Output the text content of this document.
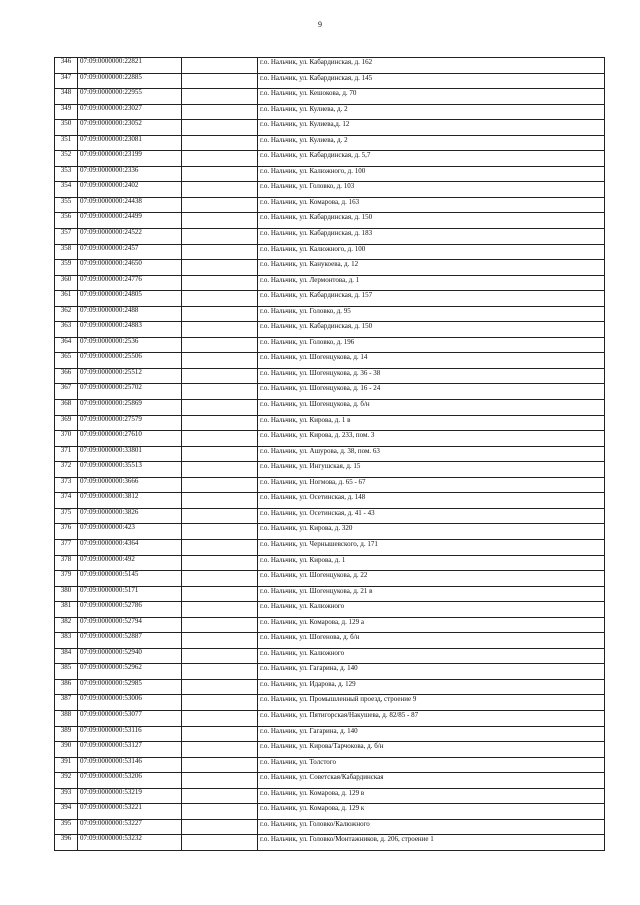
9
346	07:09:0000000:22821		г.о. Нальчик, ул. Кабардинская, д. 162

347	07:09:0000000:22885		г.о. Нальчик, ул. Кабардинская, д. 145

348	07:09:0000000:22955		г.о. Нальчик, ул. Кешокова, д. 70

349	07:09:0000000:23027		г.о. Нальчик, ул. Кулиева, д. 2

350	07:09:0000000:23052		г.о. Нальчик, ул. Кулиева,д. 12

351	07:09:0000000:23081		г.о. Нальчик, ул. Кулиева, д. 2

352	07:09:0000000:23199		г.о. Нальчик, ул. Кабардинская, д. 5,7

353	07:09:0000000:2336		г.о. Нальчик, ул. Калюжного, д. 100

354	07:09:0000000:2402		г.о. Нальчик, ул. Головко, д. 103

355	07:09:0000000:24438		г.о. Нальчик, ул. Комарова, д. 163

356	07:09:0000000:24499		г.о. Нальчик, ул. Кабардинская, д. 150

357	07:09:0000000:24522		г.о. Нальчик, ул. Кабардинская, д. 183

358	07:09:0000000:2457		г.о. Нальчик, ул. Калюжного, д. 100

359	07:09:0000000:24650		г.о. Нальчик, ул. Канукоева, д. 12

360	07:09:0000000:24776		г.о. Нальчик, ул. Лермонтова, д. 1

361	07:09:0000000:24805		г.о. Нальчик, ул. Кабардинская, д. 157

362	07:09:0000000:2488		г.о. Нальчик, ул. Головко, д. 95

363	07:09:0000000:24883		г.о. Нальчик, ул. Кабардинская, д. 150

364	07:09:0000000:2536		г.о. Нальчик, ул. Головко, д. 196

365	07:09:0000000:25506		г.о. Нальчик, ул. Шогенцукова, д. 14

366	07:09:0000000:25512		г.о. Нальчик, ул. Шогенцукова, д. 36 - 38

367	07:09:0000000:25702		г.о. Нальчик, ул. Шогенцукова, д. 16 - 24

368	07:09:0000000:25869		г.о. Нальчик, ул. Шогенцукова, д. б/н

369	07:09:0000000:27579		г.о. Нальчик, ул. Кирова, д. 1 в

370	07:09:0000000:27610		г.о. Нальчик, ул. Кирова, д. 233, пом. 3

371	07:09:0000000:33801		г.о. Нальчик, ул. Ашурова, д. 38, пом. 63

372	07:09:0000000:35513		г.о. Нальчик, ул. Ингушская, д. 15

373	07:09:0000000:3666		г.о. Нальчик, ул. Ногмова, д. 65 - 67

374	07:09:0000000:3812		г.о. Нальчик, ул. Осетинская, д. 148

375	07:09:0000000:3826		г.о. Нальчик, ул. Осетинская, д. 41 - 43

376	07:09:0000000:423		г.о. Нальчик, ул. Кирова, д. 320

377	07:09:0000000:4364		г.о. Нальчик, ул. Чернышевского, д. 171

378	07:09:0000000:492		г.о. Нальчик, ул. Кирова, д. 1

379	07:09:0000000:5145		г.о. Нальчик, ул. Шогенцукова, д. 22

380	07:09:0000000:5171		г.о. Нальчик, ул. Шогенцукова, д. 21 в

381	07:09:0000000:52786		г.о. Нальчик, ул. Калюжного

382	07:09:0000000:52794		г.о. Нальчик, ул. Комарова, д. 129 а

383	07:09:0000000:52887		г.о. Нальчик, ул. Шогенова, д. б/н

384	07:09:0000000:52940		г.о. Нальчик, ул. Калюжного

385	07:09:0000000:52962		г.о. Нальчик, ул. Гагарина, д. 140

386	07:09:0000000:52985		г.о. Нальчик, ул. Идарова, д. 129

387	07:09:0000000:53006		г.о. Нальчик, ул. Промышленный проезд, строение 9

388	07:09:0000000:53077		г.о. Нальчик, ул. Пятигорская/Накушева, д. 82/85 - 87

389	07:09:0000000:53116		г.о. Нальчик, ул. Гагарина, д. 140

390	07:09:0000000:53127		г.о. Нальчик, ул. Кирова/Тарчокова, д. б/н

391	07:09:0000000:53146		г.о. Нальчик, ул. Толстого

392	07:09:0000000:53206		г.о. Нальчик, ул. Советская/Кабардинская

393	07:09:0000000:53219		г.о. Нальчик, ул. Комарова, д. 129 в

394	07:09:0000000:53221		г.о. Нальчик, ул. Комарова, д. 129 к

395	07:09:0000000:53227		г.о. Нальчик, ул. Головко/Калюжного

396	07:09:0000000:53232		г.о. Нальчик, ул. Головко/Монтажников, д. 206, строение 1
